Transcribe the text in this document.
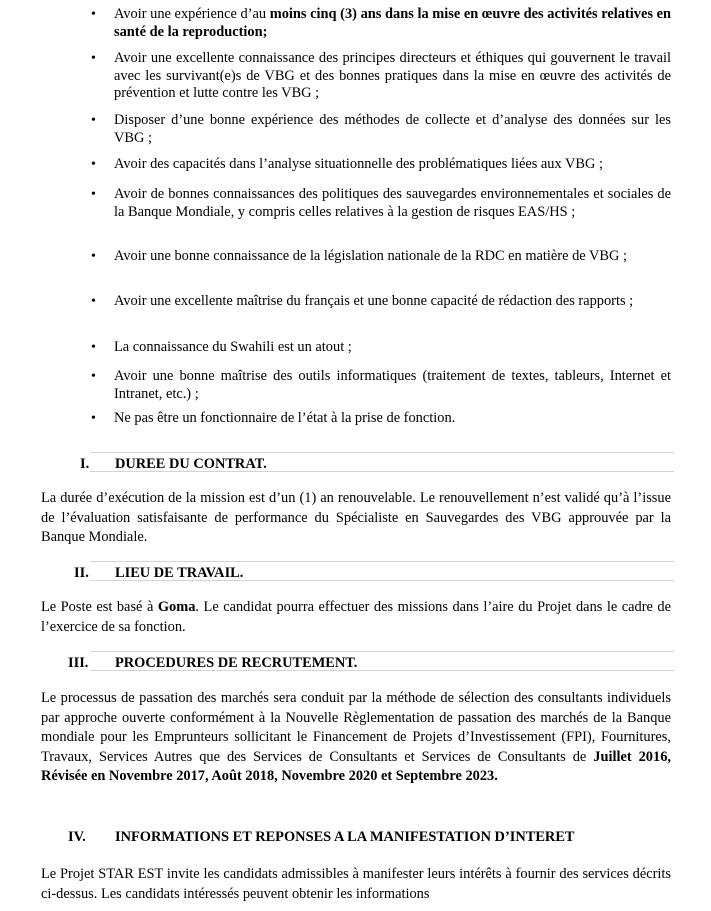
• Avoir une expérience d’au moins cinq (3) ans dans la mise en œuvre des activités relatives en santé de la reproduction;
• Avoir une excellente connaissance des principes directeurs et éthiques qui gouvernent le travail avec les survivant(e)s de VBG et des bonnes pratiques dans la mise en œuvre des activités de prévention et lutte contre les VBG ;
• Disposer d’une bonne expérience des méthodes de collecte et d’analyse des données sur les VBG ;
• Avoir des capacités dans l’analyse situationnelle des problématiques liées aux VBG ;
• Avoir de bonnes connaissances des politiques des sauvegardes environnementales et sociales de la Banque Mondiale, y compris celles relatives à la gestion de risques EAS/HS ;
• Avoir une bonne connaissance de la législation nationale de la RDC en matière de VBG ;
• Avoir une excellente maîtrise du français et une bonne capacité de rédaction des rapports ;
• La connaissance du Swahili est un atout ;
• Avoir une bonne maîtrise des outils informatiques (traitement de textes, tableurs, Internet et Intranet, etc.) ;
• Ne pas être un fonctionnaire de l’état à la prise de fonction.
I. DUREE DU CONTRAT.
La durée d’exécution de la mission est d’un (1) an renouvelable. Le renouvellement n’est validé qu’à l’issue de l’évaluation satisfaisante de performance du Spécialiste en Sauvegardes des VBG approuvée par la Banque Mondiale.
II. LIEU DE TRAVAIL.
Le Poste est basé à Goma. Le candidat pourra effectuer des missions dans l’aire du Projet dans le cadre de l’exercice de sa fonction.
III. PROCEDURES DE RECRUTEMENT.
Le processus de passation des marchés sera conduit par la méthode de sélection des consultants individuels par approche ouverte conformément à la Nouvelle Règlementation de passation des marchés de la Banque mondiale pour les Emprunteurs sollicitant le Financement de Projets d’Investissement (FPI), Fournitures, Travaux, Services Autres que des Services de Consultants et Services de Consultants de Juillet 2016, Révisée en Novembre 2017, Août 2018, Novembre 2020 et Septembre 2023.
IV. INFORMATIONS ET REPONSES A LA MANIFESTATION D’INTERET
Le Projet STAR EST invite les candidats admissibles à manifester leurs intérêts à fournir des services décrits ci-dessus. Les candidats intéressés peuvent obtenir les informations
